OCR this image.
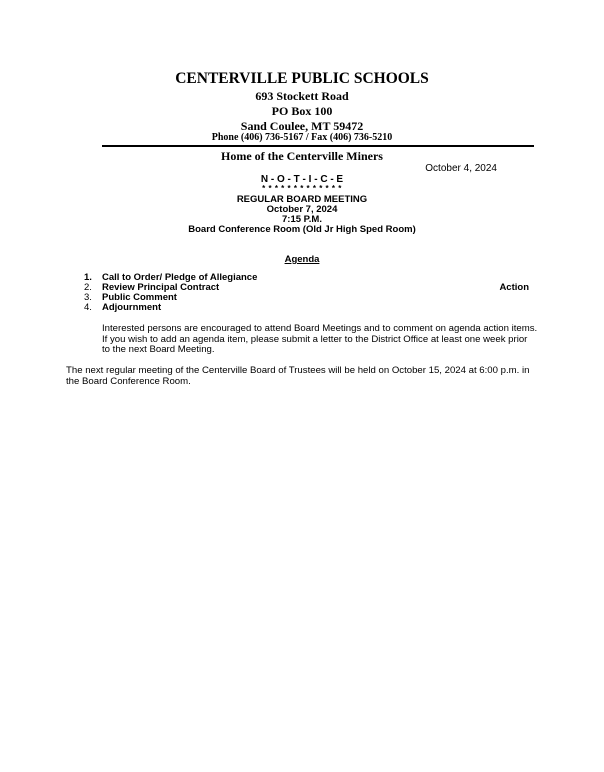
CENTERVILLE PUBLIC SCHOOLS
693 Stockett Road
PO Box 100
Sand Coulee, MT 59472
Phone (406) 736-5167 / Fax (406) 736-5210
Home of the Centerville Miners
October 4, 2024
N - O - T - I - C - E
* * * * * * * * * * * * *
REGULAR BOARD MEETING
October 7, 2024
7:15 P.M.
Board Conference Room (Old Jr High Sped Room)
Agenda
1. Call to Order/ Pledge of Allegiance
2. Review Principal Contract	Action
3. Public Comment
4. Adjournment

Interested persons are encouraged to attend Board Meetings and to comment on agenda action items. If you wish to add an agenda item, please submit a letter to the District Office at least one week prior to the next Board Meeting.

The next regular meeting of the Centerville Board of Trustees will be held on October 15, 2024 at 6:00 p.m. in the Board Conference Room.
